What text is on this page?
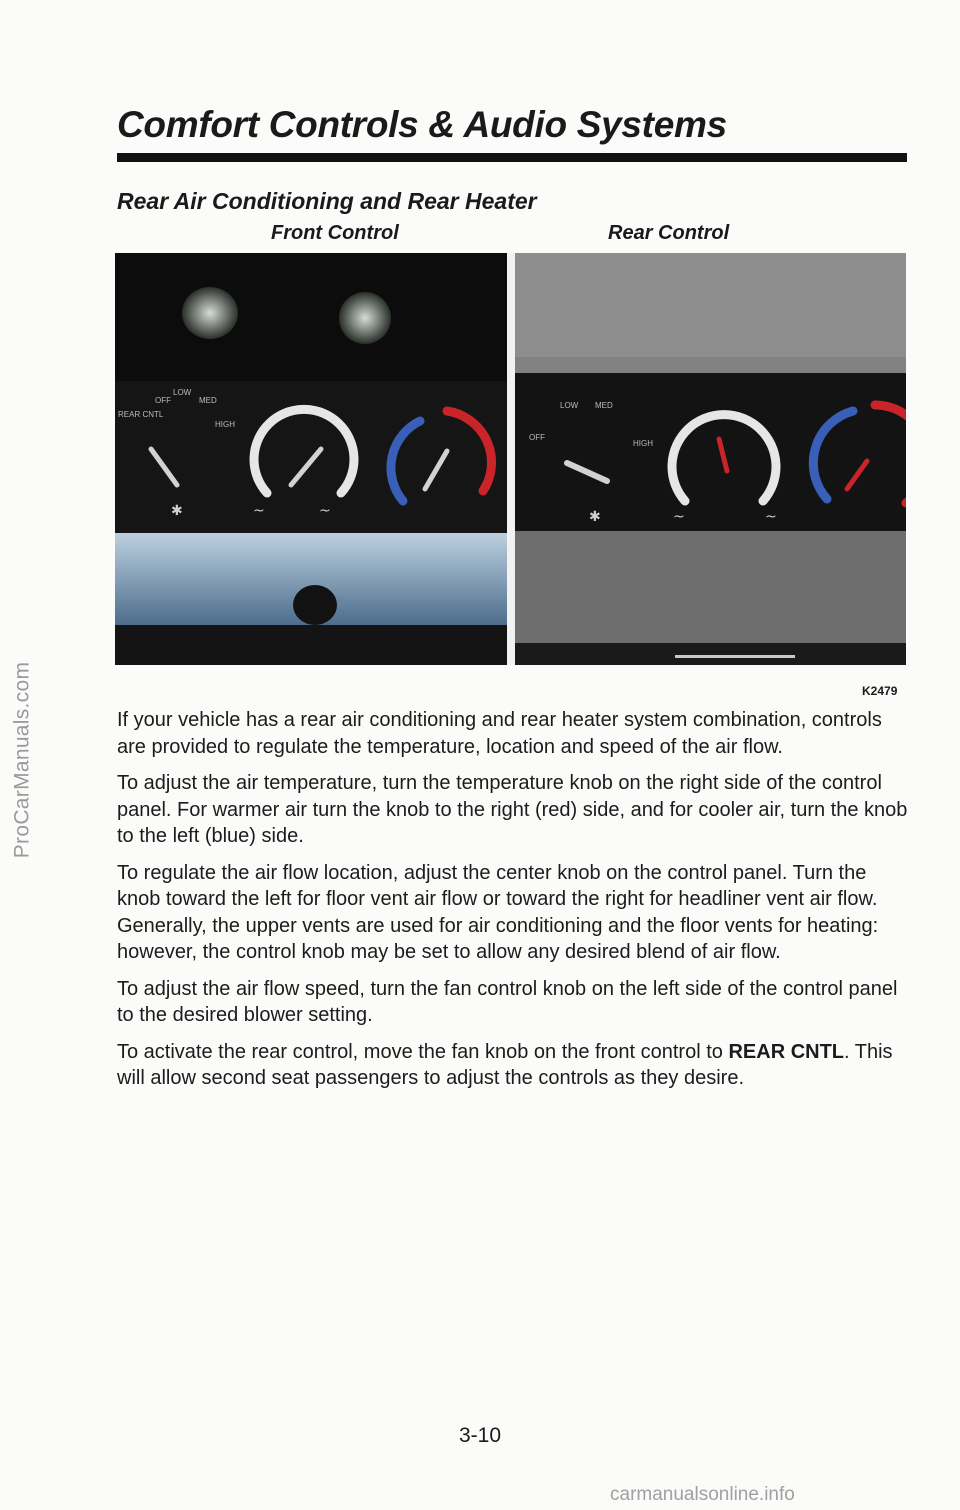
ProCarManuals.com
Comfort Controls & Audio Systems
Rear Air Conditioning and Rear Heater
Front Control	Rear Control
OFF
LOW
MED
REAR CNTL
HIGH
✱	~	~
LOW MED
OFF
HIGH
✱	~	~
K2479

If your vehicle has a rear air conditioning and rear heater system combination, controls are provided to regulate the temperature, location and speed of the air flow.

To adjust the air temperature, turn the temperature knob on the right side of the control panel. For warmer air turn the knob to the right (red) side, and for cooler air, turn the knob to the left (blue) side.

To regulate the air flow location, adjust the center knob on the control panel. Turn the knob toward the left for floor vent air flow or toward the right for headliner vent air flow. Generally, the upper vents are used for air conditioning and the floor vents for heating: however, the control knob may be set to allow any desired blend of air flow.

To adjust the air flow speed, turn the fan control knob on the left side of the control panel to the desired blower setting.

To activate the rear control, move the fan knob on the front control to REAR CNTL. This will allow second seat passengers to adjust the controls as they desire.

3-10
carmanualsonline.info
